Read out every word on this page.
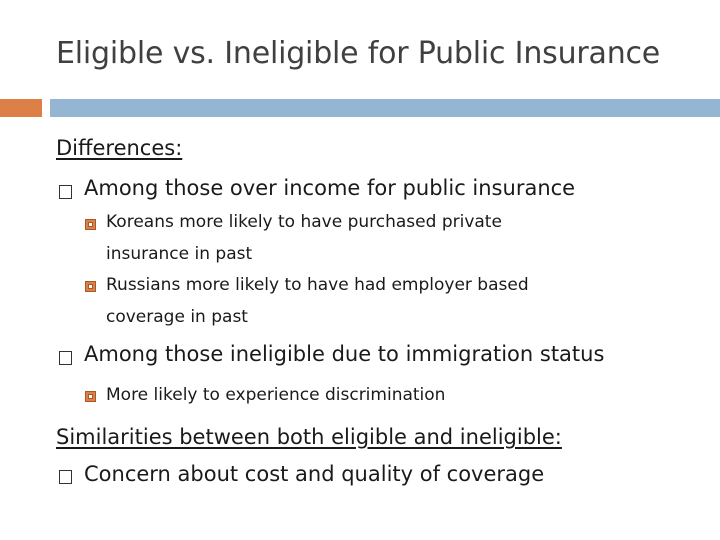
Eligible vs. Ineligible for Public Insurance
Differences:
Among those over income for public insurance
Koreans more likely to have purchased private
insurance in past
Russians more likely to have had employer based
coverage in past
Among those ineligible due to immigration status
More likely to experience discrimination
Similarities between both eligible and ineligible:
Concern about cost and quality of coverage
